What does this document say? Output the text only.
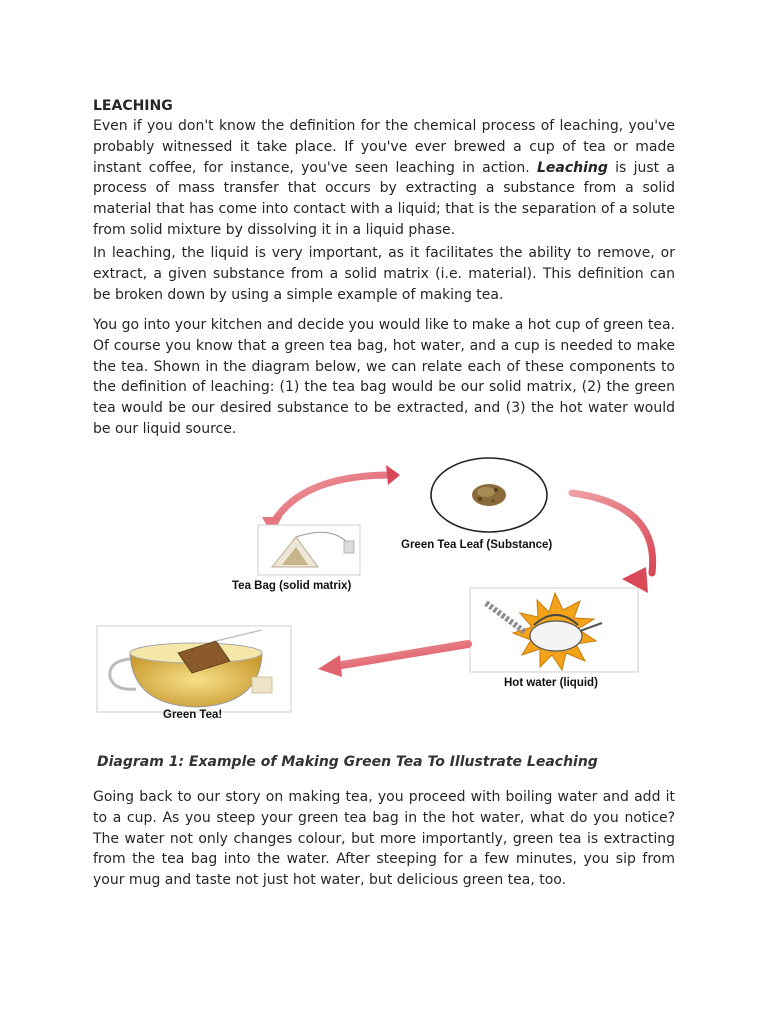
LEACHING

Even if you don't know the definition for the chemical process of leaching, you've probably witnessed it take place. If you've ever brewed a cup of tea or made instant coffee, for instance, you've seen leaching in action. Leaching is just a process of mass transfer that occurs by extracting a substance from a solid material that has come into contact with a liquid; that is the separation of a solute from solid mixture by dissolving it in a liquid phase.

In leaching, the liquid is very important, as it facilitates the ability to remove, or extract, a given substance from a solid matrix (i.e. material). This definition can be broken down by using a simple example of making tea.

You go into your kitchen and decide you would like to make a hot cup of green tea. Of course you know that a green tea bag, hot water, and a cup is needed to make the tea. Shown in the diagram below, we can relate each of these components to the definition of leaching: (1) the tea bag would be our solid matrix, (2) the green tea would be our desired substance to be extracted, and (3) the hot water would be our liquid source.

Green Tea Leaf (Substance)
Tea Bag (solid matrix)
Hot water (liquid)
Green Tea!
Diagram 1: Example of Making Green Tea To Illustrate Leaching

Going back to our story on making tea, you proceed with boiling water and add it to a cup. As you steep your green tea bag in the hot water, what do you notice? The water not only changes colour, but more importantly, green tea is extracting from the tea bag into the water. After steeping for a few minutes, you sip from your mug and taste not just hot water, but delicious green tea, too.
